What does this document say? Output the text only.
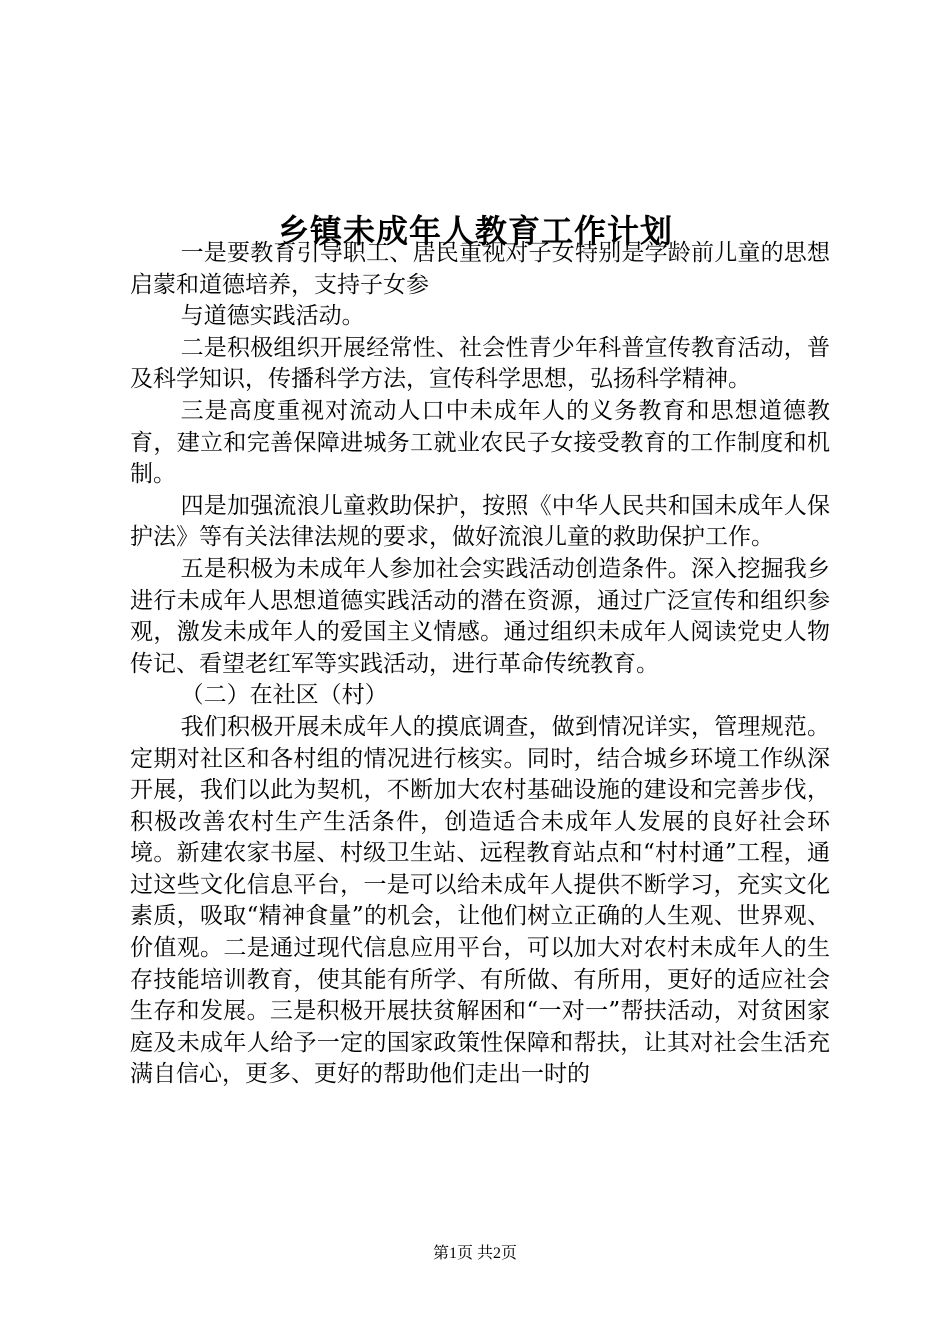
乡镇未成年人教育工作计划

一是要教育引导职工、居民重视对子女特别是学龄前儿童的思想启蒙和道德培养，支持子女参

与道德实践活动。

二是积极组织开展经常性、社会性青少年科普宣传教育活动，普及科学知识，传播科学方法，宣传科学思想，弘扬科学精神。

三是高度重视对流动人口中未成年人的义务教育和思想道德教育，建立和完善保障进城务工就业农民子女接受教育的工作制度和机制。

四是加强流浪儿童救助保护，按照《中华人民共和国未成年人保护法》等有关法律法规的要求，做好流浪儿童的救助保护工作。

五是积极为未成年人参加社会实践活动创造条件。深入挖掘我乡进行未成年人思想道德实践活动的潜在资源，通过广泛宣传和组织参观，激发未成年人的爱国主义情感。通过组织未成年人阅读党史人物传记、看望老红军等实践活动，进行革命传统教育。

（二）在社区（村）

我们积极开展未成年人的摸底调查，做到情况详实，管理规范。定期对社区和各村组的情况进行核实。同时，结合城乡环境工作纵深开展，我们以此为契机，不断加大农村基础设施的建设和完善步伐，积极改善农村生产生活条件，创造适合未成年人发展的良好社会环境。新建农家书屋、村级卫生站、远程教育站点和“村村通”工程，通过这些文化信息平台，一是可以给未成年人提供不断学习，充实文化素质，吸取“精神食量”的机会，让他们树立正确的人生观、世界观、价值观。二是通过现代信息应用平台，可以加大对农村未成年人的生存技能培训教育，使其能有所学、有所做、有所用，更好的适应社会生存和发展。三是积极开展扶贫解困和“一对一”帮扶活动，对贫困家庭及未成年人给予一定的国家政策性保障和帮扶，让其对社会生活充满自信心，更多、更好的帮助他们走出一时的

第1页 共2页
